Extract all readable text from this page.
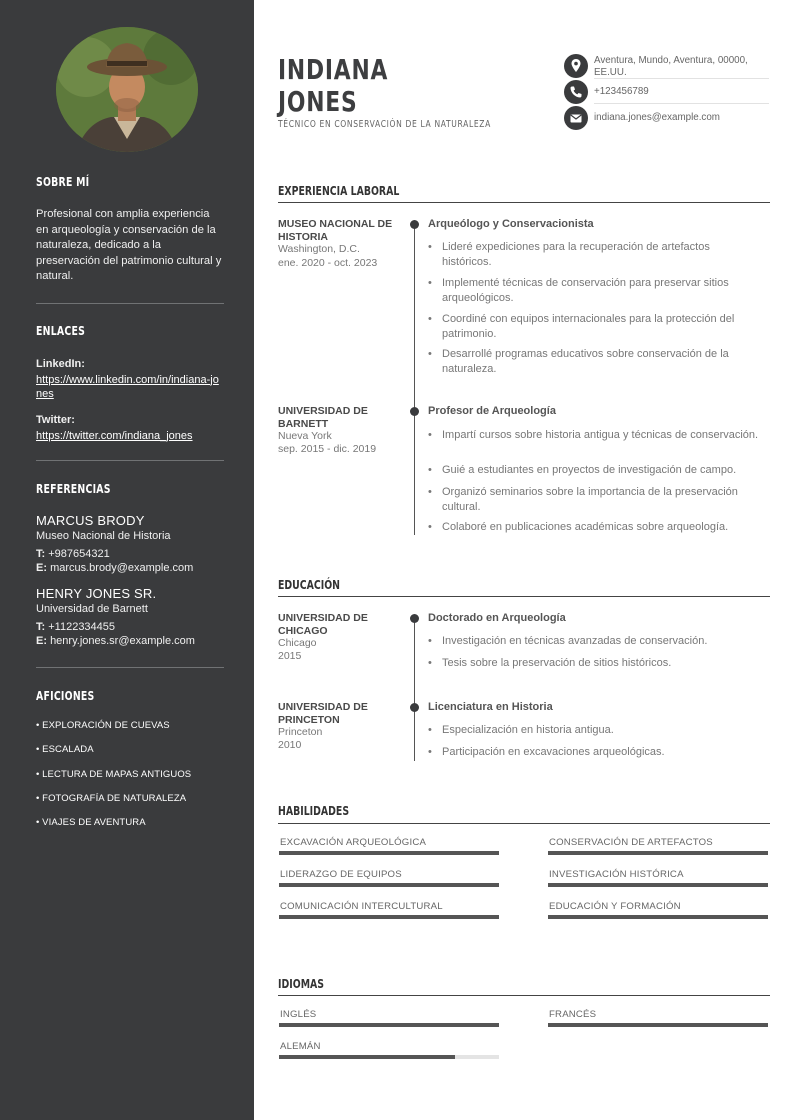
SOBRE MÍ
Profesional con amplia experiencia en arqueología y conservación de la naturaleza, dedicado a la preservación del patrimonio cultural y natural.
ENLACES
LinkedIn:
https://www.linkedin.com/in/indiana-jones
Twitter:
https://twitter.com/indiana_jones
REFERENCIAS
MARCUS BRODY
Museo Nacional de Historia
T: +987654321
E: marcus.brody@example.com
HENRY JONES SR.
Universidad de Barnett
T: +1122334455
E: henry.jones.sr@example.com
AFICIONES
• EXPLORACIÓN DE CUEVAS
• ESCALADA
• LECTURA DE MAPAS ANTIGUOS
• FOTOGRAFÍA DE NATURALEZA
• VIAJES DE AVENTURA
INDIANA
JONES
TÉCNICO EN CONSERVACIÓN DE LA NATURALEZA
Aventura, Mundo, Aventura, 00000, EE.UU.
+123456789
indiana.jones@example.com
EXPERIENCIA LABORAL
MUSEO NACIONAL DE HISTORIA
Washington, D.C.
ene. 2020 - oct. 2023
Arqueólogo y Conservacionista
• Lideré expediciones para la recuperación de artefactos históricos.
• Implementé técnicas de conservación para preservar sitios arqueológicos.
• Coordiné con equipos internacionales para la protección del patrimonio.
• Desarrollé programas educativos sobre conservación de la naturaleza.
UNIVERSIDAD DE BARNETT
Nueva York
sep. 2015 - dic. 2019
Profesor de Arqueología
• Impartí cursos sobre historia antigua y técnicas de conservación.
• Guié a estudiantes en proyectos de investigación de campo.
• Organizó seminarios sobre la importancia de la preservación cultural.
• Colaboré en publicaciones académicas sobre arqueología.
EDUCACIÓN
UNIVERSIDAD DE CHICAGO
Chicago
2015
Doctorado en Arqueología
• Investigación en técnicas avanzadas de conservación.
• Tesis sobre la preservación de sitios históricos.
UNIVERSIDAD DE PRINCETON
Princeton
2010
Licenciatura en Historia
• Especialización en historia antigua.
• Participación en excavaciones arqueológicas.
HABILIDADES
EXCAVACIÓN ARQUEOLÓGICA	CONSERVACIÓN DE ARTEFACTOS
LIDERAZGO DE EQUIPOS	INVESTIGACIÓN HISTÓRICA
COMUNICACIÓN INTERCULTURAL	EDUCACIÓN Y FORMACIÓN
IDIOMAS
INGLÉS	FRANCÉS
ALEMÁN
